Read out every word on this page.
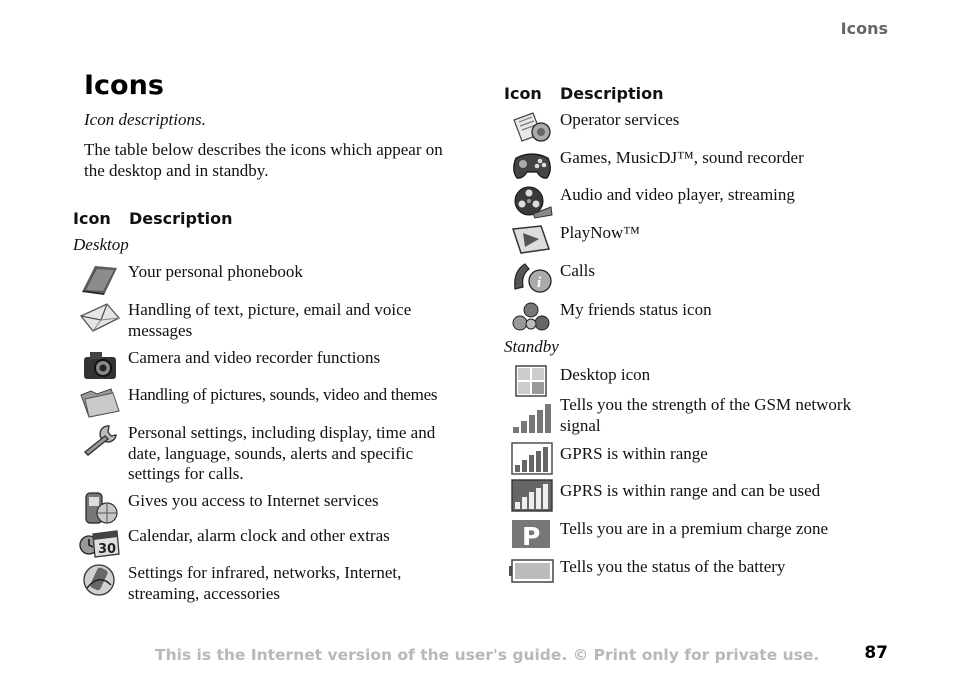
Icons
Icons
Icon descriptions.
The table below describes the icons which appear on the desktop and in standby.
Icon Description
Desktop
Your personal phonebook
Handling of text, picture, email and voice messages
Camera and video recorder functions
Handling of pictures, sounds, video and themes
Personal settings, including display, time and date, language, sounds, alerts and specific settings for calls.
Gives you access to Internet services
30
Calendar, alarm clock and other extras
Settings for infrared, networks, Internet, streaming, accessories
Icon Description
Operator services
Games, MusicDJ™, sound recorder
Audio and video player, streaming
PlayNow™
i
Calls
My friends status icon
Standby
Desktop icon
Tells you the strength of the GSM network signal
GPRS is within range
GPRS is within range and can be used
P Tells you are in a premium charge zone
Tells you the status of the battery
This is the Internet version of the user's guide. © Print only for private use.	87
